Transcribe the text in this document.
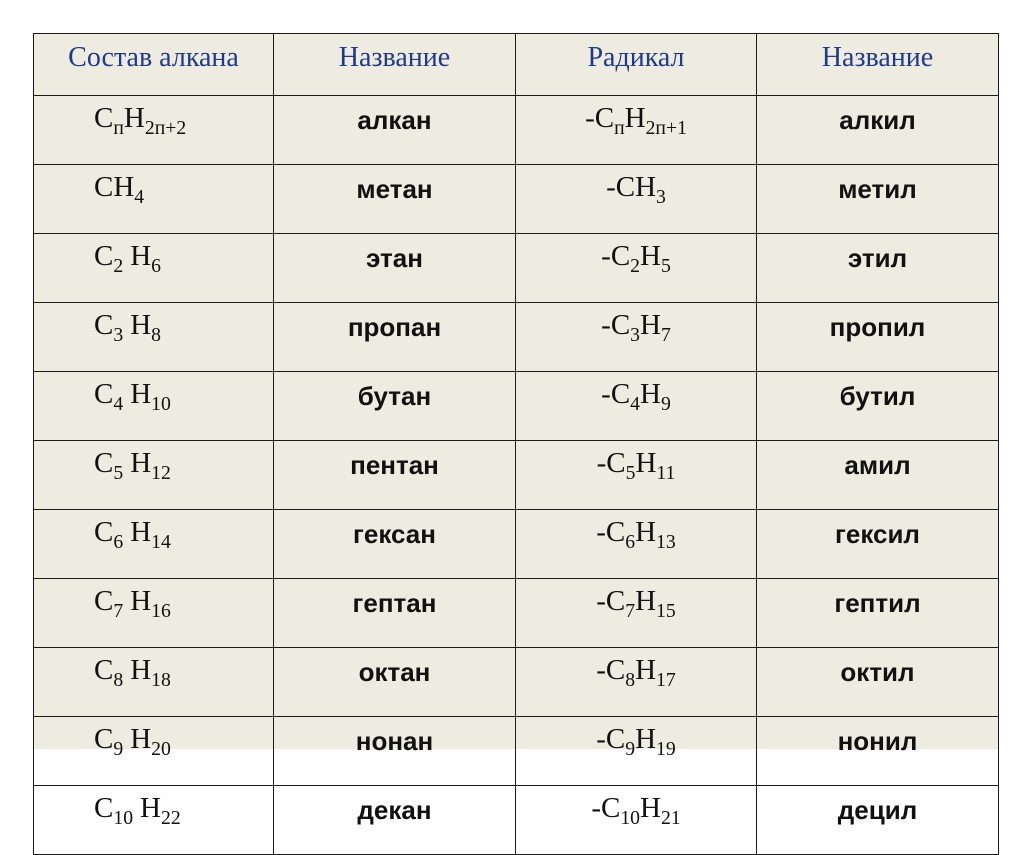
Состав алкана	Название	Радикал	Название
$C_пH_{2п+2}$	алкан	$-C_пH_{2п+1}$	алкил
$CH_4$	метан	$-CH_3$	метил
$C_2$ $H_6$	этан	$-C_2H_5$	этил
$C_3$ $H_8$	пропан	$-C_3H_7$	пропил
$C_4$ $H_{10}$	бутан	$-C_4H_9$	бутил
$C_5$ $H_{12}$	пентан	$-C_5H_{11}$	амил
$C_6$ $H_{14}$	гексан	$-C_6H_{13}$	гексил
$C_7$ $H_{16}$	гептан	$-C_7H_{15}$	гептил
$C_8$ $H_{18}$	октан	$-C_8H_{17}$	октил
$C_9$ $H_{20}$	нонан	$-C_9H_{19}$	нонил
$C_{10}$ $H_{22}$	декан	$-C_{10}H_{21}$	децил
